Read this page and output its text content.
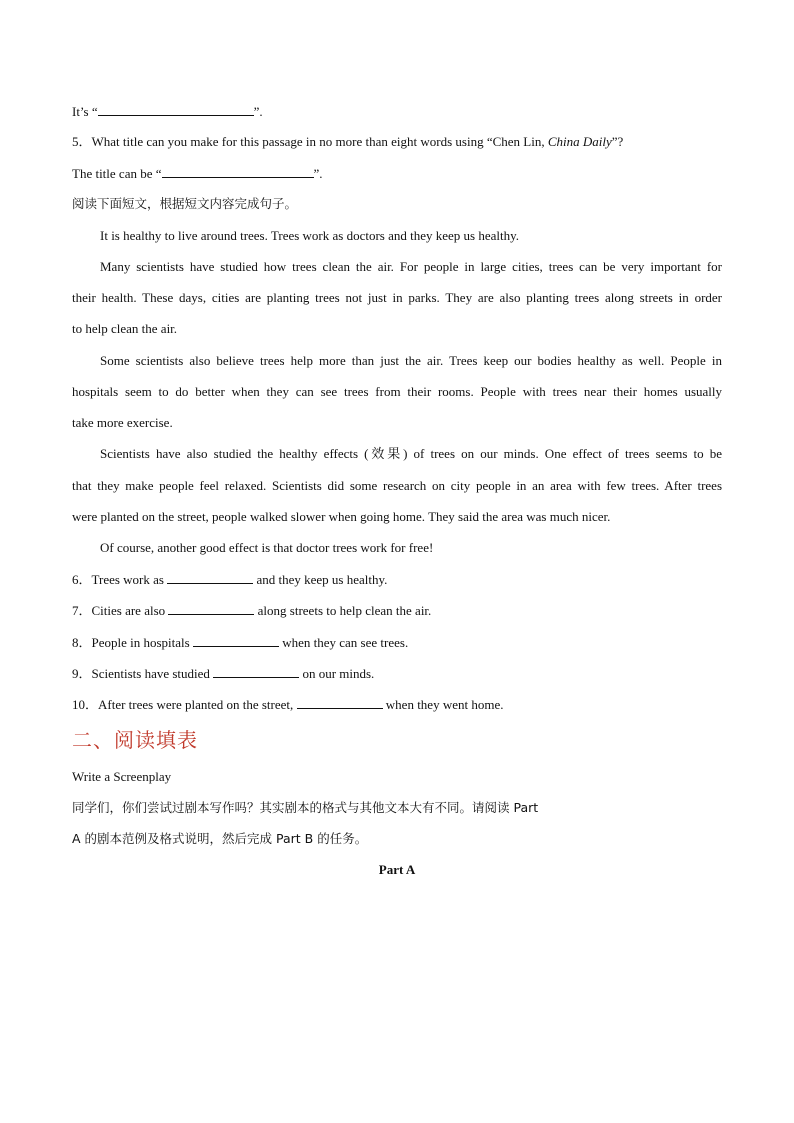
It’s “	”.
5．What title can you make for this passage in no more than eight words using “Chen Lin, China Daily”?
The title can be “	”.
阅读下面短文，根据短文内容完成句子。
It is healthy to live around trees. Trees work as doctors and they keep us healthy.
Many scientists have studied how trees clean the air. For people in large cities, trees can be very important for
their health. These days, cities are planting trees not just in parks. They are also planting trees along streets in order
to help clean the air.
Some scientists also believe trees help more than just the air. Trees keep our bodies healthy as well. People in
hospitals seem to do better when they can see trees from their rooms. People with trees near their homes usually
take more exercise.
Scientists have also studied the healthy effects (效果) of trees on our minds. One effect of trees seems to be
that they make people feel relaxed. Scientists did some research on city people in an area with few trees. After trees
were planted on the street, people walked slower when going home. They said the area was much nicer.
Of course, another good effect is that doctor trees work for free!
6．Trees work as	and they keep us healthy.
7．Cities are also	along streets to help clean the air.
8．People in hospitals	when they can see trees.
9．Scientists have studied	on our minds.
10．After trees were planted on the street,	when they went home.
二、阅读填表
Write a Screenplay
同学们，你们尝试过剧本写作吗？其实剧本的格式与其他文本大有不同。请阅读 Part
A 的剧本范例及格式说明，然后完成 Part B 的任务。
Part A
